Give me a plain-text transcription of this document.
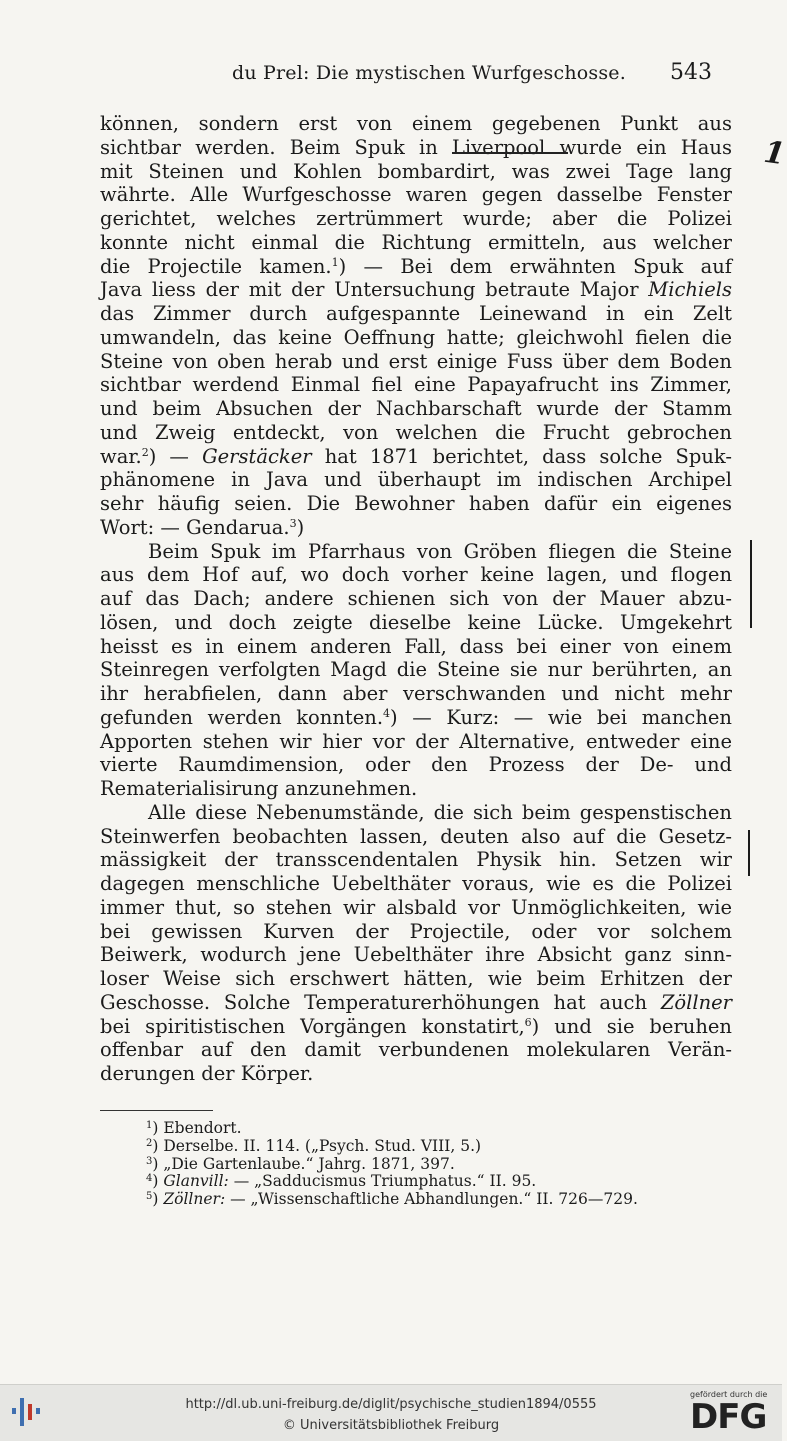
du Prel: Die mystischen Wurfgeschosse. 543
können, sondern erst von einem gegebenen Punkt aus
sichtbar werden. Beim Spuk in Liverpool wurde ein Haus
mit Steinen und Kohlen bombardirt, was zwei Tage lang
währte. Alle Wurfgeschosse waren gegen dasselbe Fenster
gerichtet, welches zertrümmert wurde; aber die Polizei
konnte nicht einmal die Richtung ermitteln, aus welcher
die Projectile kamen.$^1$) — Bei dem erwähnten Spuk auf
Java liess der mit der Untersuchung betraute Major Michiels
das Zimmer durch aufgespannte Leinewand in ein Zelt
umwandeln, das keine Oeffnung hatte; gleichwohl fielen die
Steine von oben herab und erst einige Fuss über dem Boden
sichtbar werdend Einmal fiel eine Papayafrucht ins Zimmer,
und beim Absuchen der Nachbarschaft wurde der Stamm
und Zweig entdeckt, von welchen die Frucht gebrochen
war.$^2$) — Gerstäcker hat 1871 berichtet, dass solche Spuk-
phänomene in Java und überhaupt im indischen Archipel
sehr häufig seien. Die Bewohner haben dafür ein eigenes
Wort: — Gendarua.$^3$)
Beim Spuk im Pfarrhaus von Gröben fliegen die Steine
aus dem Hof auf, wo doch vorher keine lagen, und flogen
auf das Dach; andere schienen sich von der Mauer abzu-
lösen, und doch zeigte dieselbe keine Lücke. Umgekehrt
heisst es in einem anderen Fall, dass bei einer von einem
Steinregen verfolgten Magd die Steine sie nur berührten, an
ihr herabfielen, dann aber verschwanden und nicht mehr
gefunden werden konnten.$^4$) — Kurz: — wie bei manchen
Apporten stehen wir hier vor der Alternative, entweder eine
vierte Raumdimension, oder den Prozess der De- und
Rematerialisirung anzunehmen.
Alle diese Nebenumstände, die sich beim gespenstischen
Steinwerfen beobachten lassen, deuten also auf die Gesetz-
mässigkeit der transscendentalen Physik hin. Setzen wir
dagegen menschliche Uebelthäter voraus, wie es die Polizei
immer thut, so stehen wir alsbald vor Unmöglichkeiten, wie
bei gewissen Kurven der Projectile, oder vor solchem
Beiwerk, wodurch jene Uebelthäter ihre Absicht ganz sinn-
loser Weise sich erschwert hätten, wie beim Erhitzen der
Geschosse. Solche Temperaturerhöhungen hat auch Zöllner
bei spiritistischen Vorgängen konstatirt,$^6$) und sie beruhen
offenbar auf den damit verbundenen molekularen Verän-
derungen der Körper.
1
$^1$) Ebendort.
$^2$) Derselbe. II. 114. („Psych. Stud. VIII, 5.)
$^3$) „Die Gartenlaube.“ Jahrg. 1871, 397.
$^4$) Glanvill: — „Sadducismus Triumphatus.“ II. 95.
$^5$) Zöllner: — „Wissenschaftliche Abhandlungen.“ II. 726—729.
http://dl.ub.uni-freiburg.de/diglit/psychische_studien1894/0555
© Universitätsbibliothek Freiburg
gefördert durch die
DFG
